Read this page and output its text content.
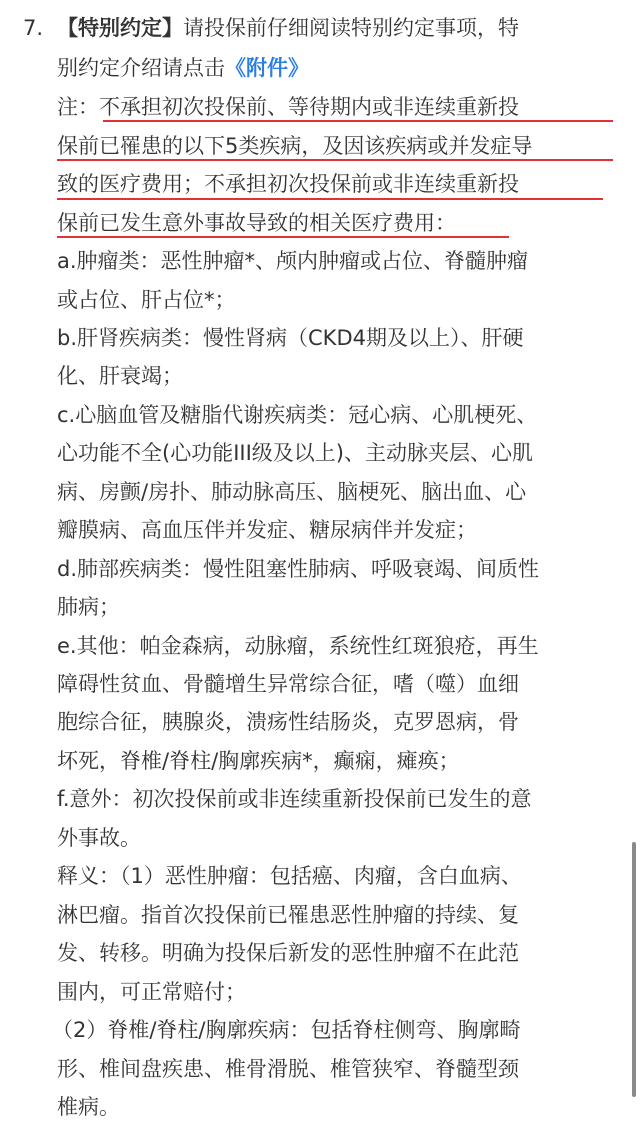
7. 【特别约定】请投保前仔细阅读特别约定事项，特
别约定介绍请点击《附件》
注：不承担初次投保前、等待期内或非连续重新投
保前已罹患的以下5类疾病，及因该疾病或并发症导
致的医疗费用；不承担初次投保前或非连续重新投
保前已发生意外事故导致的相关医疗费用：
a.肿瘤类：恶性肿瘤*、颅内肿瘤或占位、脊髓肿瘤
或占位、肝占位*；
b.肝肾疾病类：慢性肾病（CKD4期及以上）、肝硬
化、肝衰竭；
c.心脑血管及糖脂代谢疾病类：冠心病、心肌梗死、
心功能不全(心功能III级及以上)、主动脉夹层、心肌
病、房颤/房扑、肺动脉高压、脑梗死、脑出血、心
瓣膜病、高血压伴并发症、糖尿病伴并发症；
d.肺部疾病类：慢性阻塞性肺病、呼吸衰竭、间质性
肺病；
e.其他：帕金森病，动脉瘤，系统性红斑狼疮，再生
障碍性贫血、骨髓增生异常综合征，嗜（噬）血细
胞综合征，胰腺炎，溃疡性结肠炎，克罗恩病，骨
坏死，脊椎/脊柱/胸廓疾病*，癫痫，瘫痪；
f.意外：初次投保前或非连续重新投保前已发生的意
外事故。
释义：（1）恶性肿瘤：包括癌、肉瘤，含白血病、
淋巴瘤。指首次投保前已罹患恶性肿瘤的持续、复
发、转移。明确为投保后新发的恶性肿瘤不在此范
围内，可正常赔付；
（2）脊椎/脊柱/胸廓疾病：包括脊柱侧弯、胸廓畸
形、椎间盘疾患、椎骨滑脱、椎管狭窄、脊髓型颈
椎病。
